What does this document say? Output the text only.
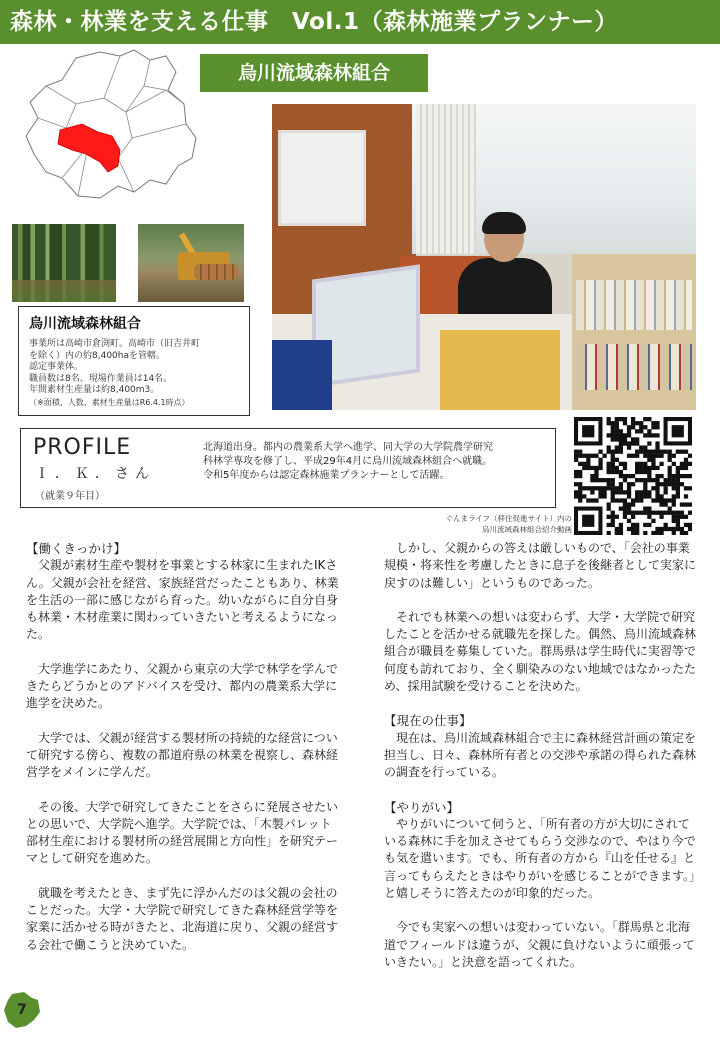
森林・林業を支える仕事　Vol.1（森林施業プランナー）
烏川流域森林組合
烏川流域森林組合
事業所は高崎市倉渕町。高崎市（旧吉井町
を除く）内の約8,400haを管轄。
認定事業体。
職員数は8名、現場作業員は14名。
年間素材生産量は約8,400m3。
（※面積、人数、素材生産量はR6.4.1時点）
PROFILE
Ｉ．Ｋ．さん
（就業９年目）
北海道出身。都内の農業系大学へ進学、同大学の大学院農学研究
科林学専攻を修了し、平成29年4月に烏川流域森林組合へ就職。
令和5年度からは認定森林施業プランナーとして活躍。
ぐんまライフ（移住促進サイト）内の
烏川流域森林組合紹介動画

【働くきっかけ】

　父親が素材生産や製材を事業とする林家に生まれたIKさん。父親が会社を経営、家族経営だったこともあり、林業を生活の一部に感じながら育った。幼いながらに自分自身も林業・木材産業に関わっていきたいと考えるようになった。

　大学進学にあたり、父親から東京の大学で林学を学んできたらどうかとのアドバイスを受け、都内の農業系大学に進学を決めた。

　大学では、父親が経営する製材所の持続的な経営について研究する傍ら、複数の都道府県の林業を視察し、森林経営学をメインに学んだ。

　その後、大学で研究してきたことをさらに発展させたいとの思いで、大学院へ進学。大学院では、「木製パレット部材生産における製材所の経営展開と方向性」を研究テーマとして研究を進めた。

　就職を考えたとき、まず先に浮かんだのは父親の会社のことだった。大学・大学院で研究してきた森林経営学等を家業に活かせる時がきたと、北海道に戻り、父親の経営する会社で働こうと決めていた。

　しかし、父親からの答えは厳しいもので、「会社の事業規模・将来性を考慮したときに息子を後継者として実家に戻すのは難しい」というものであった。

　それでも林業への想いは変わらず、大学・大学院で研究したことを活かせる就職先を探した。偶然、烏川流域森林組合が職員を募集していた。群馬県は学生時代に実習等で何度も訪れており、全く馴染みのない地域ではなかったため、採用試験を受けることを決めた。

【現在の仕事】

　現在は、烏川流域森林組合で主に森林経営計画の策定を担当し、日々、森林所有者との交渉や承諾の得られた森林の調査を行っている。

【やりがい】

　やりがいについて伺うと、「所有者の方が大切にされている森林に手を加えさせてもらう交渉なので、やはり今でも気を遣います。でも、所有者の方から『山を任せる』と言ってもらえたときはやりがいを感じることができます。」と嬉しそうに答えたのが印象的だった。

　今でも実家への想いは変わっていない。「群馬県と北海道でフィールドは違うが、父親に負けないように頑張っていきたい。」と決意を語ってくれた。

7
